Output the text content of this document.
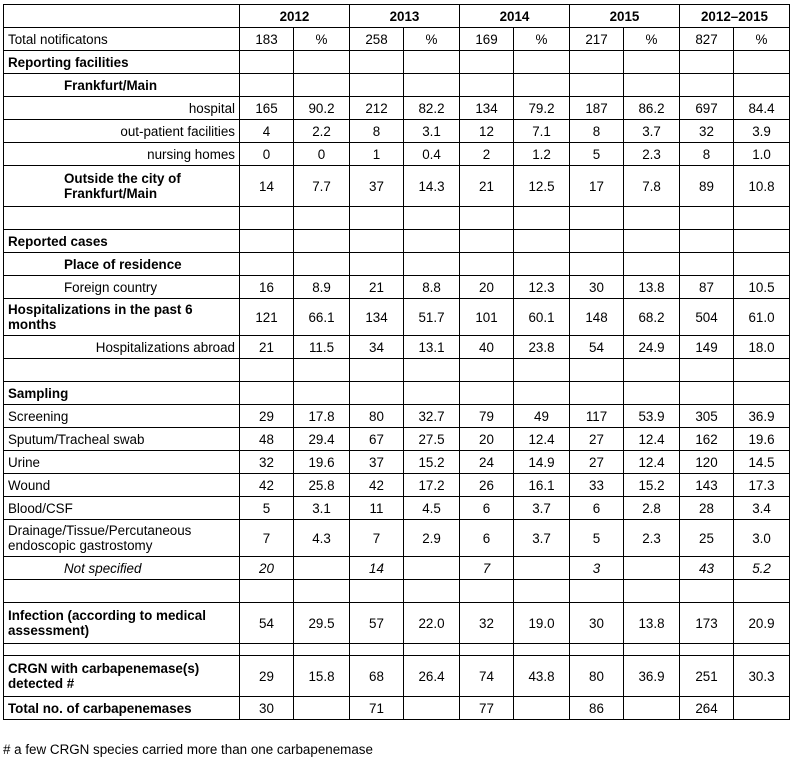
	2012		2013		2014		2015		2012–2015	
Total notificatons	183	%	258	%	169	%	217	%	827	%
Reporting facilities										
Frankfurt/Main										
hospital	165	90.2	212	82.2	134	79.2	187	86.2	697	84.4
out-patient facilities	4	2.2	8	3.1	12	7.1	8	3.7	32	3.9
nursing homes	0	0	1	0.4	2	1.2	5	2.3	8	1.0
Outside the city of Frankfurt/Main	14	7.7	37	14.3	21	12.5	17	7.8	89	10.8

Reported cases										
Place of residence										
Foreign country	16	8.9	21	8.8	20	12.3	30	13.8	87	10.5
Hospitalizations in the past 6 months	121	66.1	134	51.7	101	60.1	148	68.2	504	61.0
Hospitalizations abroad	21	11.5	34	13.1	40	23.8	54	24.9	149	18.0

Sampling										
Screening	29	17.8	80	32.7	79	49	117	53.9	305	36.9
Sputum/Tracheal swab	48	29.4	67	27.5	20	12.4	27	12.4	162	19.6
Urine	32	19.6	37	15.2	24	14.9	27	12.4	120	14.5
Wound	42	25.8	42	17.2	26	16.1	33	15.2	143	17.3
Blood/CSF	5	3.1	11	4.5	6	3.7	6	2.8	28	3.4
Drainage/Tissue/Percutaneous endoscopic gastrostomy	7	4.3	7	2.9	6	3.7	5	2.3	25	3.0
Not specified	20		14		7		3		43	5.2

Infection (according to medical assessment)	54	29.5	57	22.0	32	19.0	30	13.8	173	20.9

CRGN with carbapenemase(s) detected #	29	15.8	68	26.4	74	43.8	80	36.9	251	30.3
Total no. of carbapenemases	30		71		77		86		264	
# a few CRGN species carried more than one carbapenemase
